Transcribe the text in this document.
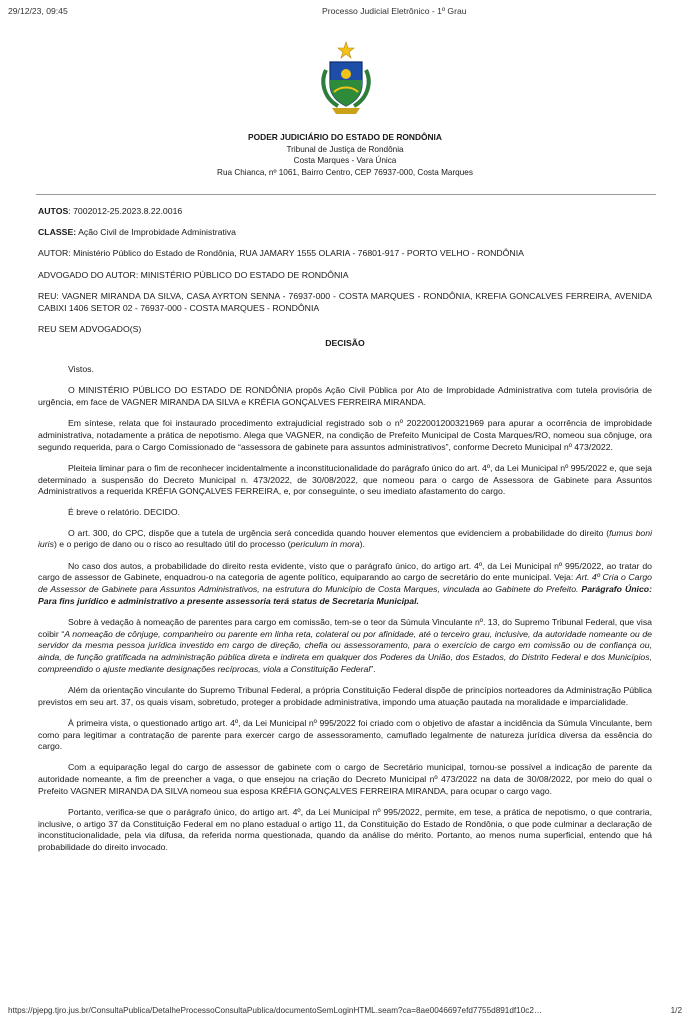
29/12/23, 09:45	Processo Judicial Eletrônico - 1º Grau
PODER JUDICIÁRIO DO ESTADO DE RONDÔNIA
Tribunal de Justiça de Rondônia
Costa Marques - Vara Única
Rua Chianca, nº 1061, Bairro Centro, CEP 76937-000, Costa Marques

AUTOS: 7002012-25.2023.8.22.0016

CLASSE: Ação Civil de Improbidade Administrativa

AUTOR: Ministério Público do Estado de Rondônia, RUA JAMARY 1555 OLARIA - 76801-917 - PORTO VELHO - RONDÔNIA

ADVOGADO DO AUTOR: MINISTÉRIO PÚBLICO DO ESTADO DE RONDÔNIA

REU: VAGNER MIRANDA DA SILVA, CASA AYRTON SENNA - 76937-000 - COSTA MARQUES - RONDÔNIA, KREFIA GONCALVES FERREIRA, AVENIDA CABIXI 1406 SETOR 02 - 76937-000 - COSTA MARQUES - RONDÔNIA

REU SEM ADVOGADO(S)

DECISÃO

Vistos.

O MINISTÉRIO PÚBLICO DO ESTADO DE RONDÔNIA propôs Ação Civil Pública por Ato de Improbidade Administrativa com tutela provisória de urgência, em face de VAGNER MIRANDA DA SILVA e KRÉFIA GONÇALVES FERREIRA MIRANDA.

Em síntese, relata que foi instaurado procedimento extrajudicial registrado sob o nº 2022001200321969 para apurar a ocorrência de improbidade administrativa, notadamente a prática de nepotismo. Alega que VAGNER, na condição de Prefeito Municipal de Costa Marques/RO, nomeou sua cônjuge, ora segundo requerida, para o Cargo Comissionado de “assessora de gabinete para assuntos administrativos”, conforme Decreto Municipal nº 473/2022.

Pleiteia liminar para o fim de reconhecer incidentalmente a inconstitucionalidade do parágrafo único do art. 4º, da Lei Municipal nº 995/2022 e, que seja determinado a suspensão do Decreto Municipal n. 473/2022, de 30/08/2022, que nomeou para o cargo de Assessora de Gabinete para Assuntos Administrativos a requerida KRÉFIA GONÇALVES FERREIRA, e, por conseguinte, o seu imediato afastamento do cargo.

É breve o relatório. DECIDO.

O art. 300, do CPC, dispõe que a tutela de urgência será concedida quando houver elementos que evidenciem a probabilidade do direito (fumus boni iuris) e o perigo de dano ou o risco ao resultado útil do processo (periculum in mora).

No caso dos autos, a probabilidade do direito resta evidente, visto que o parágrafo único, do artigo art. 4º, da Lei Municipal nº 995/2022, ao tratar do cargo de assessor de Gabinete, enquadrou-o na categoria de agente político, equiparando ao cargo de secretário do ente municipal. Veja: Art. 4º Cria o Cargo de Assessor de Gabinete para Assuntos Administrativos, na estrutura do Município de Costa Marques, vinculada ao Gabinete do Prefeito. Parágrafo Único: Para fins jurídico e administrativo a presente assessoria terá status de Secretaria Municipal.

Sobre à vedação à nomeação de parentes para cargo em comissão, tem-se o teor da Súmula Vinculante nº. 13, do Supremo Tribunal Federal, que visa coibir “A nomeação de cônjuge, companheiro ou parente em linha reta, colateral ou por afinidade, até o terceiro grau, inclusive, da autoridade nomeante ou de servidor da mesma pessoa jurídica investido em cargo de direção, chefia ou assessoramento, para o exercício de cargo em comissão ou de confiança ou, ainda, de função gratificada na administração pública direta e indireta em qualquer dos Poderes da União, dos Estados, do Distrito Federal e dos Municípios, compreendido o ajuste mediante designações recíprocas, viola a Constituição Federal”.

Além da orientação vinculante do Supremo Tribunal Federal, a própria Constituição Federal dispõe de princípios norteadores da Administração Pública previstos em seu art. 37, os quais visam, sobretudo, proteger a probidade administrativa, impondo uma atuação pautada na moralidade e imparcialidade.

À primeira vista, o questionado artigo art. 4º, da Lei Municipal nº 995/2022 foi criado com o objetivo de afastar a incidência da Súmula Vinculante, bem como para legitimar a contratação de parente para exercer cargo de assessoramento, camuflado legalmente de natureza jurídica diversa da essência do cargo.

Com a equiparação legal do cargo de assessor de gabinete com o cargo de Secretário municipal, tornou-se possível a indicação de parente da autoridade nomeante, a fim de preencher a vaga, o que ensejou na criação do Decreto Municipal nº 473/2022 na data de 30/08/2022, por meio do qual o Prefeito VAGNER MIRANDA DA SILVA nomeou sua esposa KRÉFIA GONÇALVES FERREIRA MIRANDA, para ocupar o cargo vago.

Portanto, verifica-se que o parágrafo único, do artigo art. 4º, da Lei Municipal nº 995/2022, permite, em tese, a prática de nepotismo, o que contraria, inclusive, o artigo 37 da Constituição Federal em no plano estadual o artigo 11, da Constituição do Estado de Rondônia, o que pode culminar a declaração de inconstitucionalidade, pela via difusa, da referida norma questionada, quando da análise do mérito. Portanto, ao menos numa superficial, entendo que há probabilidade do direito invocado.

https://pjepg.tjro.jus.br/ConsultaPublica/DetalheProcessoConsultaPublica/documentoSemLoginHTML.seam?ca=8ae0046697efd7755d891df10c2…	1/2
